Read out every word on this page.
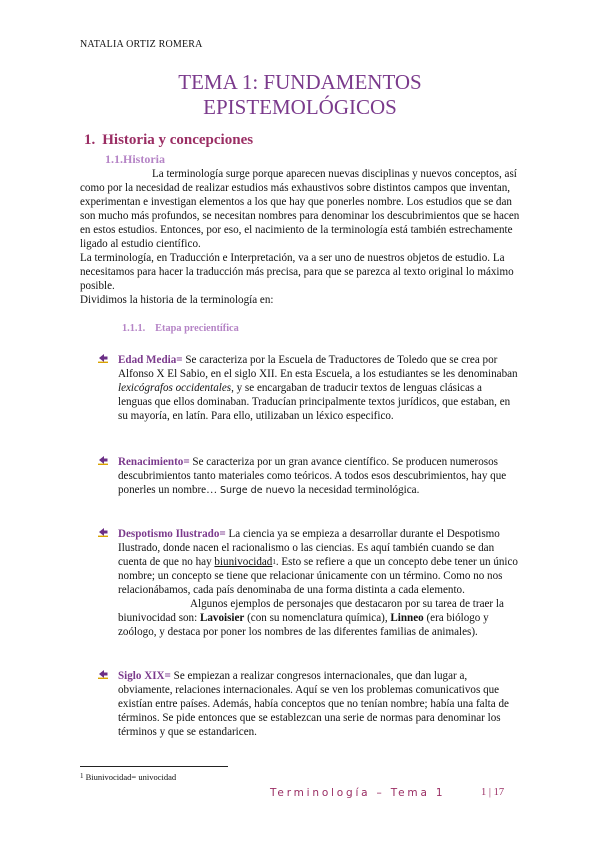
NATALIA ORTIZ ROMERA
TEMA 1: FUNDAMENTOS
EPISTEMOLÓGICOS
1. Historia y concepciones
1.1.Historia
La terminología surge porque aparecen nuevas disciplinas y nuevos conceptos, así como por la necesidad de realizar estudios más exhaustivos sobre distintos campos que inventan, experimentan e investigan elementos a los que hay que ponerles nombre. Los estudios que se dan son mucho más profundos, se necesitan nombres para denominar los descubrimientos que se hacen en estos estudios. Entonces, por eso, el nacimiento de la terminología está también estrechamente ligado al estudio científico.
La terminología, en Traducción e Interpretación, va a ser uno de nuestros objetos de estudio. La necesitamos para hacer la traducción más precisa, para que se parezca al texto original lo máximo posible.
Dividimos la historia de la terminología en:
1.1.1. Etapa precientífica
Edad Media= Se caracteriza por la Escuela de Traductores de Toledo que se crea por Alfonso X El Sabio, en el siglo XII. En esta Escuela, a los estudiantes se les denominaban lexicógrafos occidentales, y se encargaban de traducir textos de lenguas clásicas a lenguas que ellos dominaban. Traducían principalmente textos jurídicos, que estaban, en su mayoría, en latín. Para ello, utilizaban un léxico especifico.
Renacimiento= Se caracteriza por un gran avance científico. Se producen numerosos descubrimientos tanto materiales como teóricos. A todos esos descubrimientos, hay que ponerles un nombre… Surge de nuevo la necesidad terminológica.
Despotismo Ilustrado= La ciencia ya se empieza a desarrollar durante el Despotismo Ilustrado, donde nacen el racionalismo o las ciencias. Es aquí también cuando se dan cuenta de que no hay biunivocidad$^1$. Esto se refiere a que un concepto debe tener un único nombre; un concepto se tiene que relacionar únicamente con un término. Como no nos relacionábamos, cada país denominaba de una forma distinta a cada elemento.
Algunos ejemplos de personajes que destacaron por su tarea de traer la biunivocidad son: Lavoisier (con su nomenclatura química), Linneo (era biólogo y zoólogo, y destaca por poner los nombres de las diferentes familias de animales).
Siglo XIX= Se empiezan a realizar congresos internacionales, que dan lugar a, obviamente, relaciones internacionales. Aquí se ven los problemas comunicativos que existían entre países. Además, había conceptos que no tenían nombre; había una falta de términos. Se pide entonces que se establezcan una serie de normas para denominar los términos y que se estandaricen.
$^1$ Biunivocidad= univocidad
Terminología – Tema 1	1 | 17
